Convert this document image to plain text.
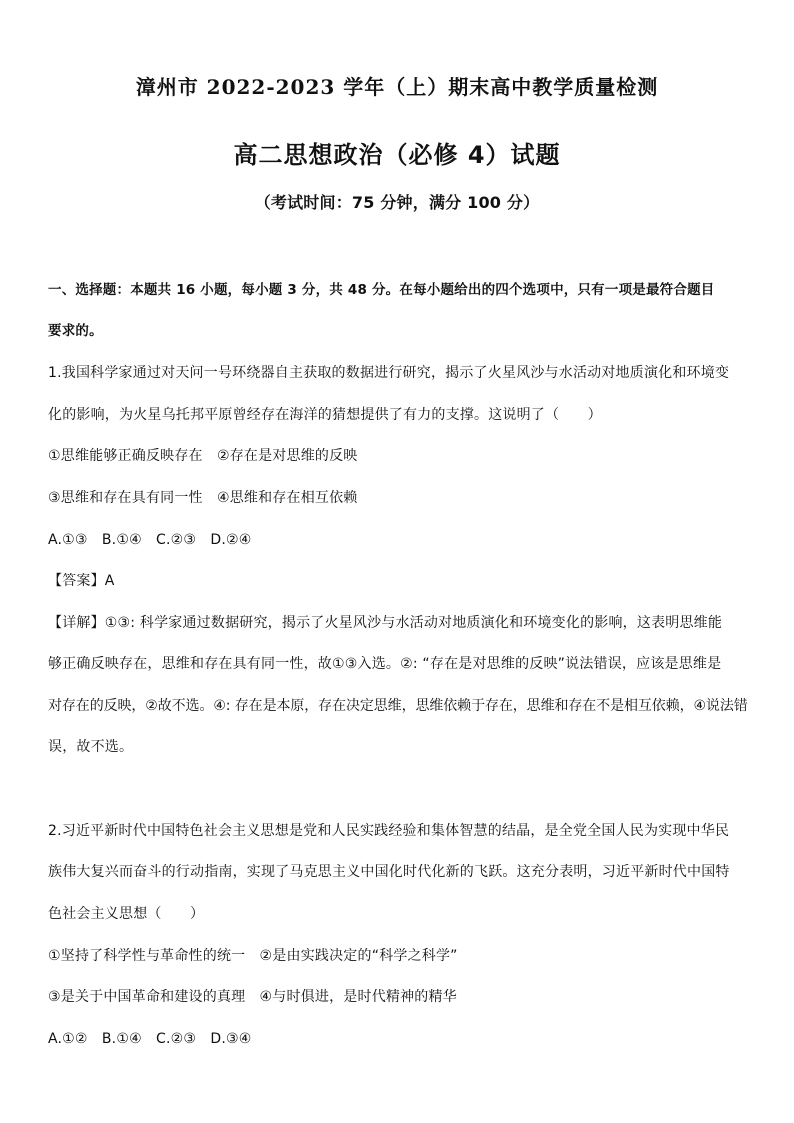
漳州市 2022-2023 学年（上）期末高中教学质量检测
高二思想政治（必修 4）试题
（考试时间：75 分钟，满分 100 分）
一、选择题：本题共 16 小题，每小题 3 分，共 48 分。在每小题给出的四个选项中，只有一项是最符合题目
要求的。
1.我国科学家通过对天问一号环绕器自主获取的数据进行研究，揭示了火星风沙与水活动对地质演化和环境变
化的影响，为火星乌托邦平原曾经存在海洋的猜想提供了有力的支撑。这说明了（　　）
①思维能够正确反映存在　②存在是对思维的反映
③思维和存在具有同一性　④思维和存在相互依赖
A.①③　B.①④　C.②③　D.②④
【答案】A
【详解】①③: 科学家通过数据研究，揭示了火星风沙与水活动对地质演化和环境变化的影响，这表明思维能
够正确反映存在，思维和存在具有同一性，故①③入选。②: “存在是对思维的反映”说法错误，应该是思维是
对存在的反映，②故不选。④: 存在是本原，存在决定思维，思维依赖于存在，思维和存在不是相互依赖，④说法错
误，故不选。
2.习近平新时代中国特色社会主义思想是党和人民实践经验和集体智慧的结晶，是全党全国人民为实现中华民
族伟大复兴而奋斗的行动指南，实现了马克思主义中国化时代化新的飞跃。这充分表明，习近平新时代中国特
色社会主义思想（　　）
①坚持了科学性与革命性的统一　②是由实践决定的“科学之科学”
③是关于中国革命和建设的真理　④与时俱进，是时代精神的精华
A.①②　B.①④　C.②③　D.③④
